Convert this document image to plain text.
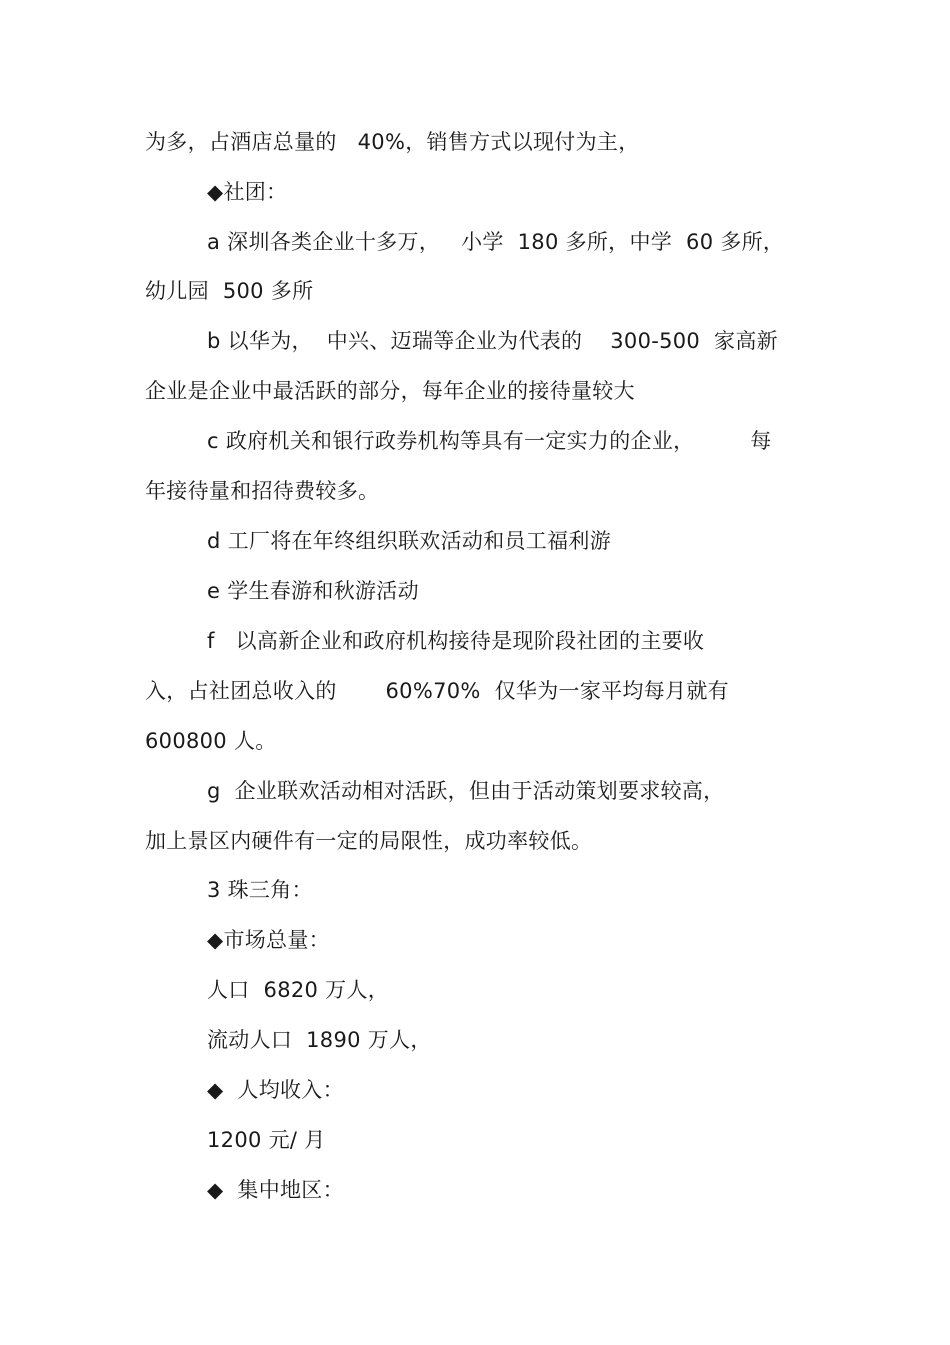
为多，占酒店总量的   40%，销售方式以现付为主，
◆社团：
a 深圳各类企业十多万，   小学  180 多所，中学  60 多所，
幼儿园  500 多所
b 以华为，  中兴、迈瑞等企业为代表的    300-500  家高新
企业是企业中最活跃的部分，每年企业的接待量较大
c 政府机关和银行政券机构等具有一定实力的企业，        每
年接待量和招待费较多。
d 工厂将在年终组织联欢活动和员工福利游
e 学生春游和秋游活动
f   以高新企业和政府机构接待是现阶段社团的主要收
入，占社团总收入的       60%70%  仅华为一家平均每月就有
600800 人。
g  企业联欢活动相对活跃，但由于活动策划要求较高，
加上景区内硬件有一定的局限性，成功率较低。
3 珠三角：
◆市场总量：
人口  6820 万人，
流动人口  1890 万人，
◆  人均收入：
1200 元/ 月
◆  集中地区：
